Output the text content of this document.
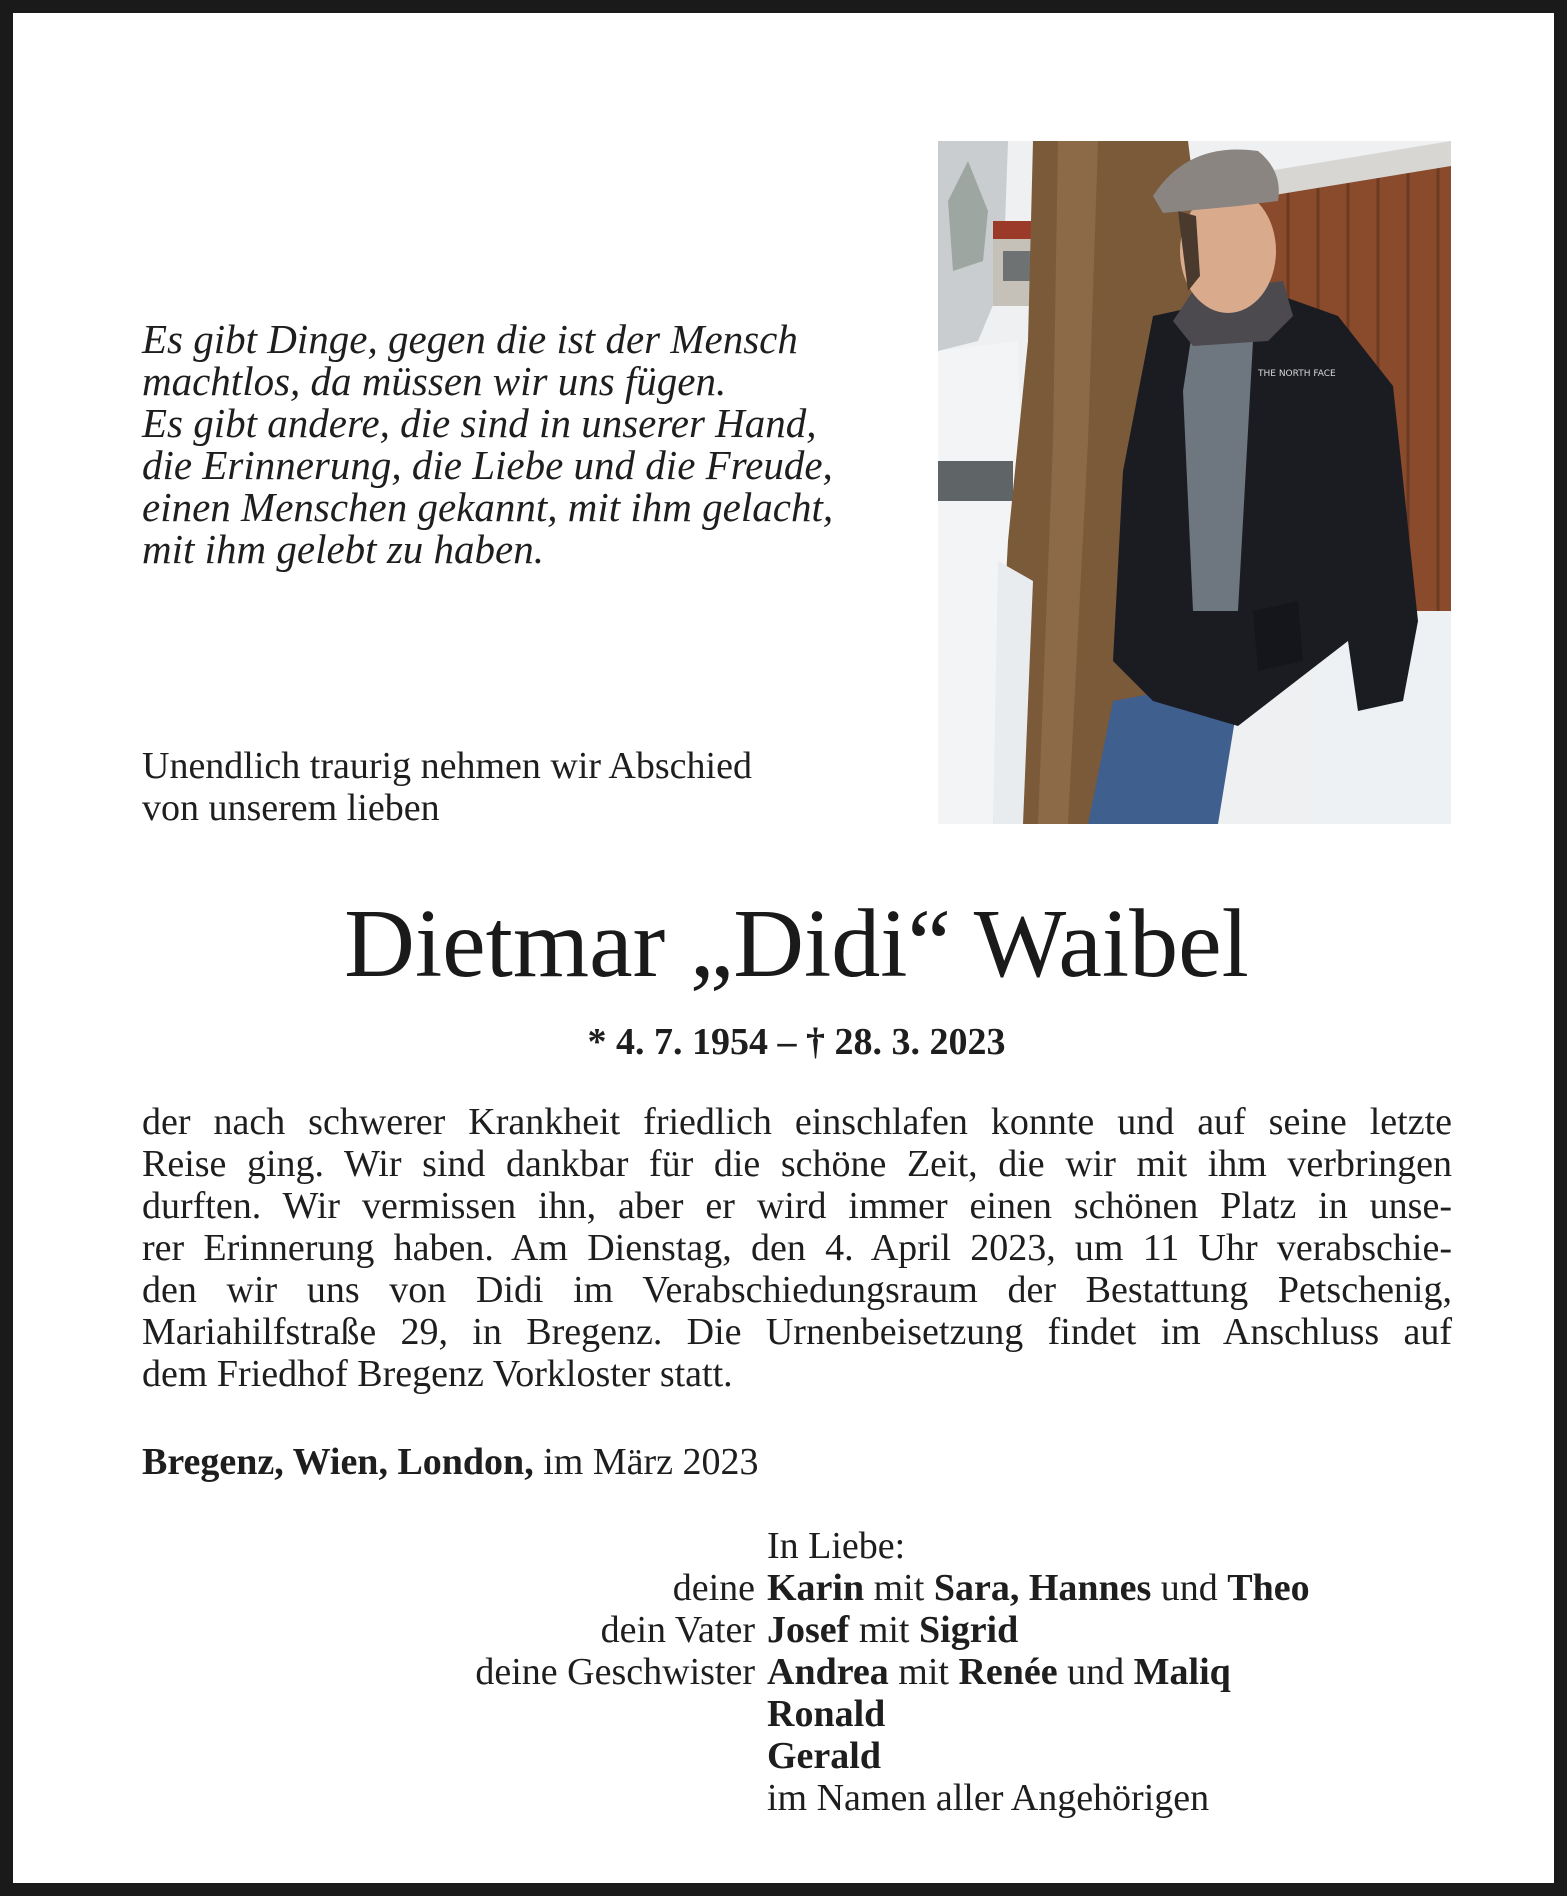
Es gibt Dinge, gegen die ist der Mensch
machtlos, da müssen wir uns fügen.
Es gibt andere, die sind in unserer Hand,
die Erinnerung, die Liebe und die Freude,
einen Menschen gekannt, mit ihm gelacht,
mit ihm gelebt zu haben.

THE NORTH FACE

Unendlich traurig nehmen wir Abschied
von unserem lieben

Dietmar „Didi“ Waibel
* 4. 7. 1954 – † 28. 3. 2023

der nach schwerer Krankheit friedlich einschlafen konnte und auf seine letzte
Reise ging. Wir sind dankbar für die schöne Zeit, die wir mit ihm verbringen
durften. Wir vermissen ihn, aber er wird immer einen schönen Platz in unse-
rer Erinnerung haben. Am Dienstag, den 4. April 2023, um 11 Uhr verabschie-
den wir uns von Didi im Verabschiedungsraum der Bestattung Petschenig,
Mariahilfstraße 29, in Bregenz. Die Urnenbeisetzung findet im Anschluss auf
dem Friedhof Bregenz Vorkloster statt.

Bregenz, Wien, London, im März 2023
In Liebe:
deine Karin mit Sara, Hannes und Theo
dein Vater Josef mit Sigrid
deine Geschwister Andrea mit Renée und Maliq
Ronald
Gerald
im Namen aller Angehörigen
